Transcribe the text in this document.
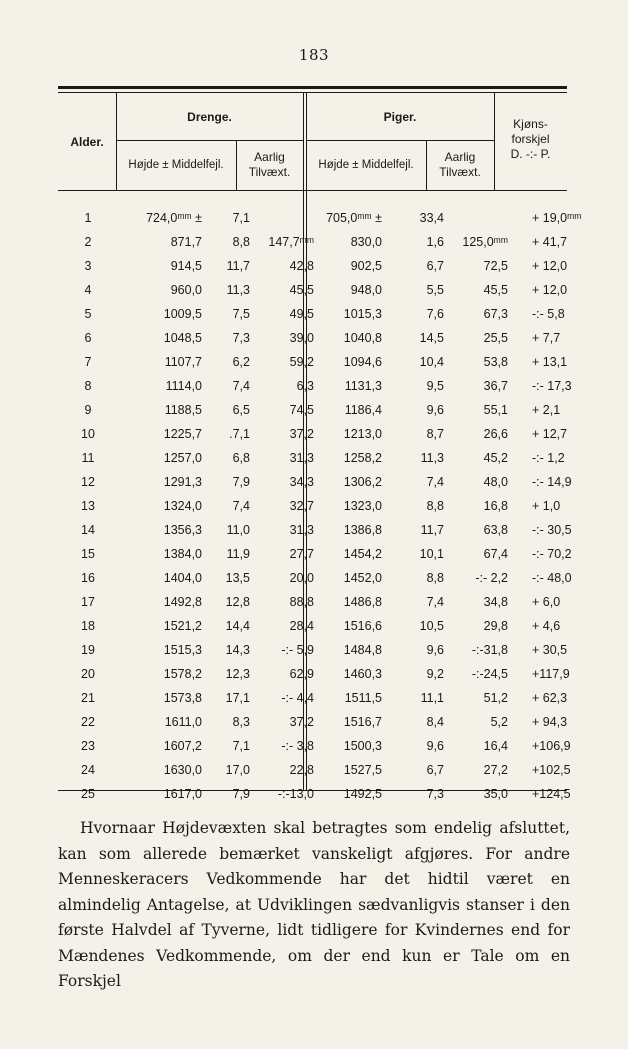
183
Alder.
Drenge.	Piger.	Kjøns-
forskjel
D. -:- P.
Højde ± Middelfejl.
Aarlig
Tilvæxt.	Højde ± Middelfejl.
Aarlig
Tilvæxt.
1	724,0ᵐᵐ ±	7,1		705,0ᵐᵐ ±	33,4		+ 19,0ᵐᵐ
2	871,7	8,8	147,7ᵐᵐ	830,0	1,6	125,0ᵐᵐ	+ 41,7
3	914,5	11,7	42,8	902,5	6,7	72,5	+ 12,0
4	960,0	11,3	45,5	948,0	5,5	45,5	+ 12,0
5	1009,5	7,5	49,5	1015,3	7,6	67,3	-:- 5,8
6	1048,5	7,3	39,0	1040,8	14,5	25,5	+ 7,7
7	1107,7	6,2	59,2	1094,6	10,4	53,8	+ 13,1
8	1114,0	7,4	6,3	1131,3	9,5	36,7	-:- 17,3
9	1188,5	6,5	74,5	1186,4	9,6	55,1	+ 2,1
10	1225,7	.7,1	37,2	1213,0	8,7	26,6	+ 12,7
11	1257,0	6,8	31,3	1258,2	11,3	45,2	-:- 1,2
12	1291,3	7,9	34,3	1306,2	7,4	48,0	-:- 14,9
13	1324,0	7,4	32,7	1323,0	8,8	16,8	+ 1,0
14	1356,3	11,0	31,3	1386,8	11,7	63,8	-:- 30,5
15	1384,0	11,9	27,7	1454,2	10,1	67,4	-:- 70,2
16	1404,0	13,5	20,0	1452,0	8,8	-:- 2,2	-:- 48,0
17	1492,8	12,8	88,8	1486,8	7,4	34,8	+ 6,0
18	1521,2	14,4	28,4	1516,6	10,5	29,8	+ 4,6
19	1515,3	14,3	-:- 5,9	1484,8	9,6	-:-31,8	+ 30,5
20	1578,2	12,3	62,9	1460,3	9,2	-:-24,5	+117,9
21	1573,8	17,1	-:- 4,4	1511,5	11,1	51,2	+ 62,3
22	1611,0	8,3	37,2	1516,7	8,4	5,2	+ 94,3
23	1607,2	7,1	-:- 3,8	1500,3	9,6	16,4	+106,9
24	1630,0	17,0	22,8	1527,5	6,7	27,2	+102,5
25	1617,0	7,9	-:-13,0	1492,5	7,3	35,0	+124,5

Hvornaar Højdevæxten skal betragtes som endelig afsluttet, kan som allerede bemærket vanskeligt afgjøres. For andre Menneskeracers Vedkommende har det hidtil været en almindelig Antagelse, at Udviklingen sædvanligvis stanser i den første Halvdel af Tyverne, lidt tidligere for Kvindernes end for Mændenes Vedkommende, om der end kun er Tale om en Forskjel
